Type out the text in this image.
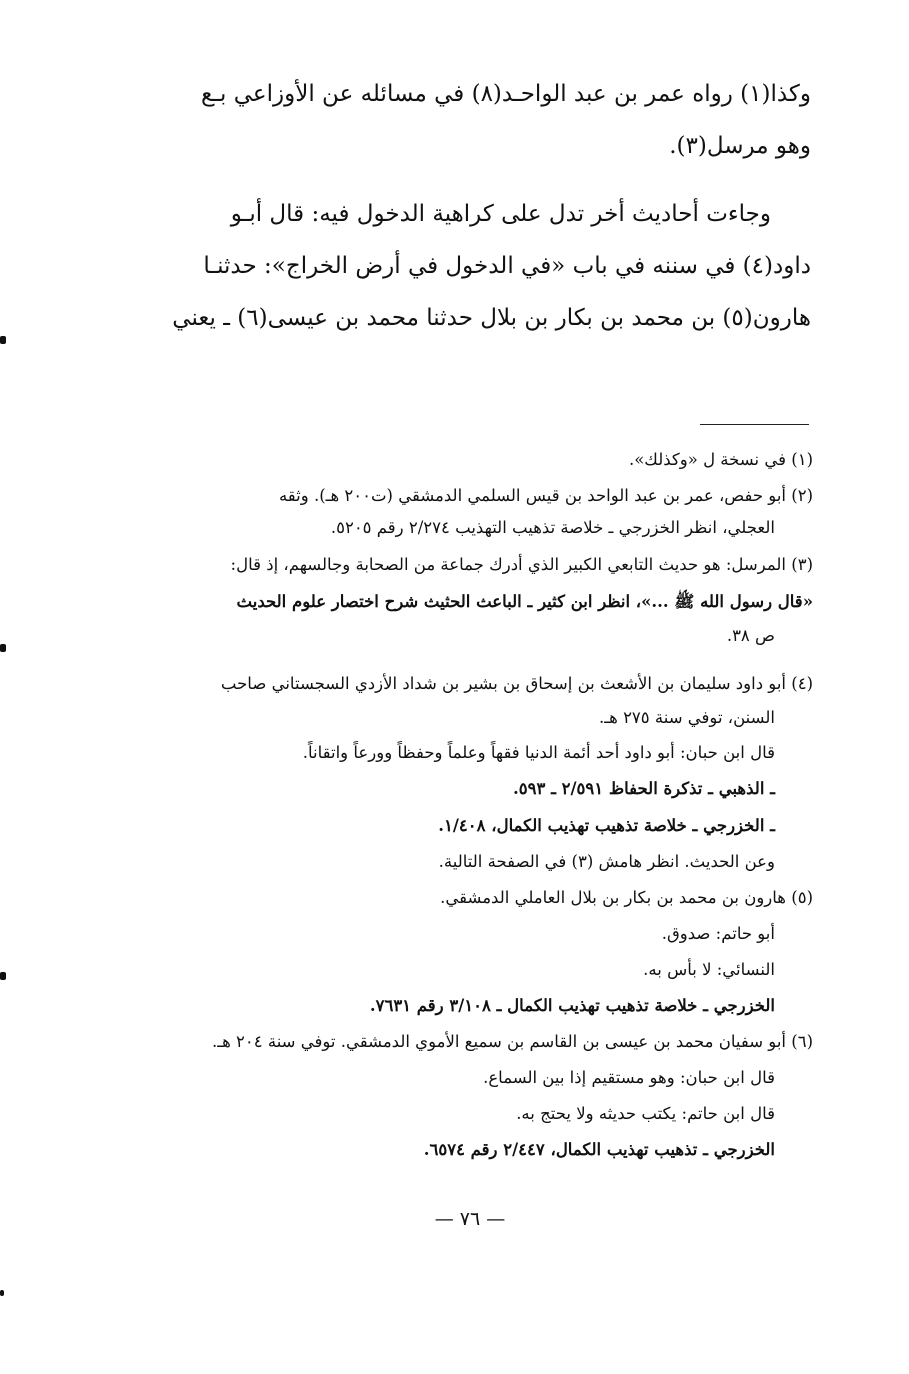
وكذا(١) رواه عمر بن عبد الواحـد(٨) في مسائله عن الأوزاعي بـع

وهو مرسل(٣).

وجاءت أحاديث أخر تدل على كراهية الدخول فيه: قال أبـو

داود(٤) في سننه في باب «في الدخول في أرض الخراج»: حدثنـا

هارون(٥) بن محمد بن بكار بن بلال حدثنا محمد بن عيسى(٦) ـ يعني

(١) في نسخة ل «وكذلك».
(٢) أبو حفص، عمر بن عبد الواحد بن قيس السلمي الدمشقي (ت٢٠٠ هـ). وثقه
العجلي، انظر الخزرجي ـ خلاصة تذهيب التهذيب ٢/٢٧٤ رقم ٥٢٠٥.
(٣) المرسل: هو حديث التابعي الكبير الذي أدرك جماعة من الصحابة وجالسهم، إذ قال:
«قال رسول الله ﷺ ...»، انظر ابن كثير ـ الباعث الحثيث شرح اختصار علوم الحديث
ص ٣٨.
(٤) أبو داود سليمان بن الأشعث بن إسحاق بن بشير بن شداد الأزدي السجستاني صاحب
السنن، توفي سنة ٢٧٥ هـ.
قال ابن حبان: أبو داود أحد أئمة الدنيا فقهاً وعلماً وحفظاً وورعاً واتقاناً.
ـ الذهبي ـ تذكرة الحفاظ ٢/٥٩١ ـ ٥٩٣.
ـ الخزرجي ـ خلاصة تذهيب تهذيب الكمال، ١/٤٠٨.
وعن الحديث. انظر هامش (٣) في الصفحة التالية.
(٥) هارون بن محمد بن بكار بن بلال العاملي الدمشقي.
أبو حاتم: صدوق.
النسائي: لا بأس به.
الخزرجي ـ خلاصة تذهيب تهذيب الكمال ـ ٣/١٠٨ رقم ٧٦٣١.
(٦) أبو سفيان محمد بن عيسى بن القاسم بن سميع الأموي الدمشقي. توفي سنة ٢٠٤ هـ.
قال ابن حبان: وهو مستقيم إذا بين السماع.
قال ابن حاتم: يكتب حديثه ولا يحتج به.
الخزرجي ـ تذهيب تهذيب الكمال، ٢/٤٤٧ رقم ٦٥٧٤.
— ٧٦ —
